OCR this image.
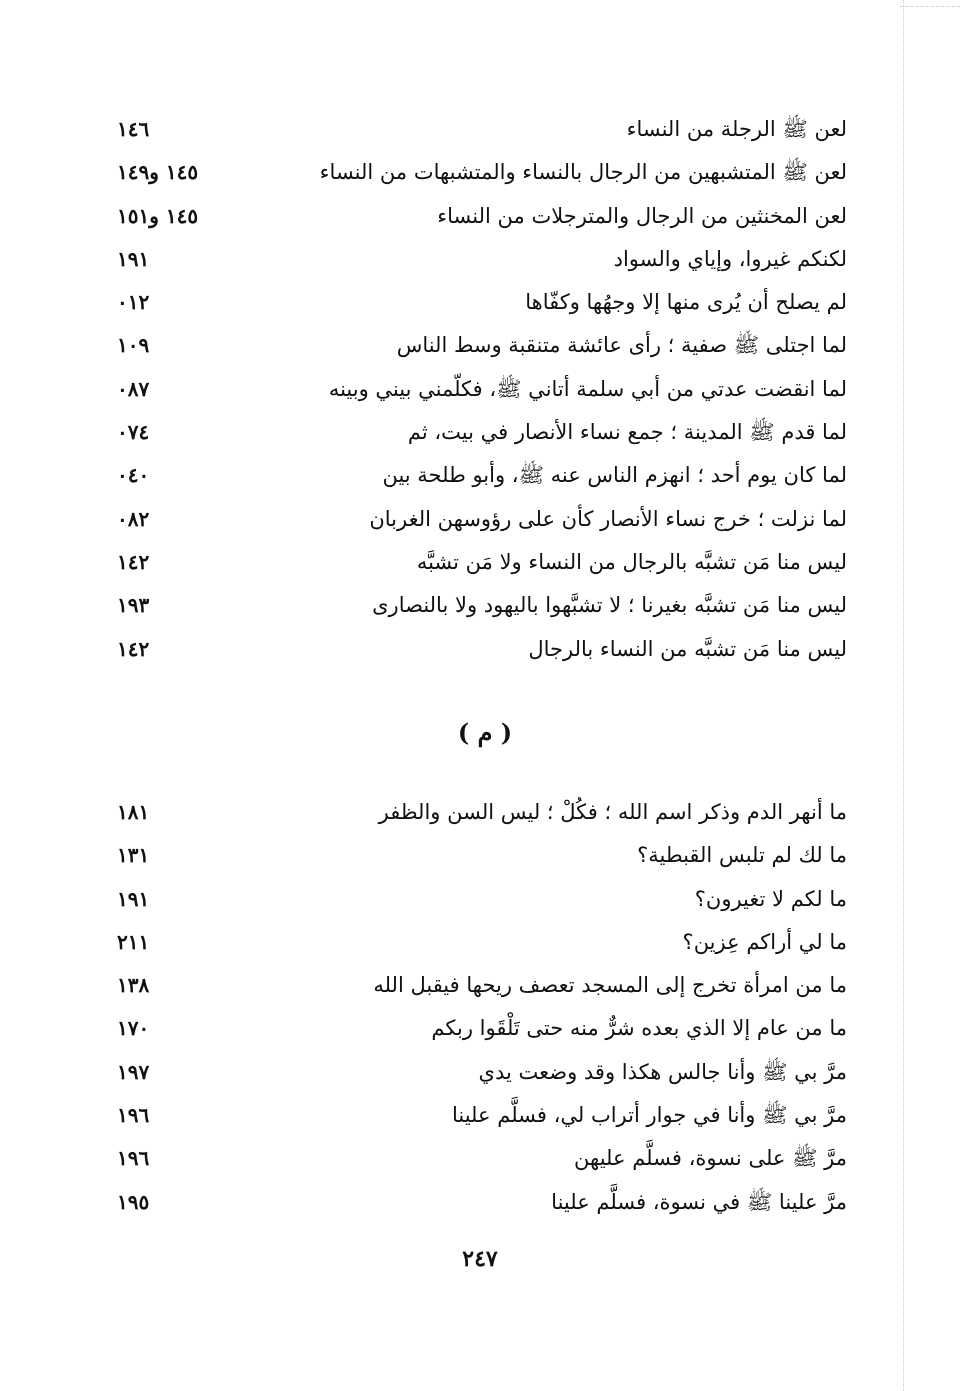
لعن ﷺ الرجلة من النساء
١٤٦
لعن ﷺ المتشبهين من الرجال بالنساء والمتشبهات من النساء
١٤٥ و١٤٩
لعن المخنثين من الرجال والمترجلات من النساء
١٤٥ و١٥١
لكنكم غيروا، وإياي والسواد
١٩١
لم يصلح أن يُرى منها إلا وجهُها وكفّاها
٠١٢
لما اجتلى ﷺ صفية ؛ رأى عائشة متنقبة وسط الناس
١٠٩
لما انقضت عدتي من أبي سلمة أتاني ﷺ، فكلّمني بيني وبينه
٠٨٧
لما قدم ﷺ المدينة ؛ جمع نساء الأنصار في بيت، ثم
٠٧٤
لما كان يوم أحد ؛ انهزم الناس عنه ﷺ، وأبو طلحة بين
٠٤٠
لما نزلت ؛ خرج نساء الأنصار كأن على رؤوسهن الغربان
٠٨٢
ليس منا مَن تشبَّه بالرجال من النساء ولا مَن تشبَّه
١٤٢
ليس منا مَن تشبَّه بغيرنا ؛ لا تشبَّهوا باليهود ولا بالنصارى
١٩٣
ليس منا مَن تشبَّه من النساء بالرجال
١٤٢
( م )
ما أنهر الدم وذكر اسم الله ؛ فكُلْ ؛ ليس السن والظفر
١٨١
ما لك لم تلبس القبطية؟
١٣١
ما لكم لا تغيرون؟
١٩١
ما لي أراكم عِزين؟
٢١١
ما من امرأة تخرج إلى المسجد تعصف ريحها فيقبل الله
١٣٨
ما من عام إلا الذي بعده شرٌّ منه حتى تَلْقَوا ربكم
١٧٠
مرَّ بي ﷺ وأنا جالس هكذا وقد وضعت يدي
١٩٧
مرَّ بي ﷺ وأنا في جوار أتراب لي، فسلَّم علينا
١٩٦
مرَّ ﷺ على نسوة، فسلَّم عليهن
١٩٦
مرَّ علينا ﷺ في نسوة، فسلَّم علينا
١٩٥
٢٤٧
